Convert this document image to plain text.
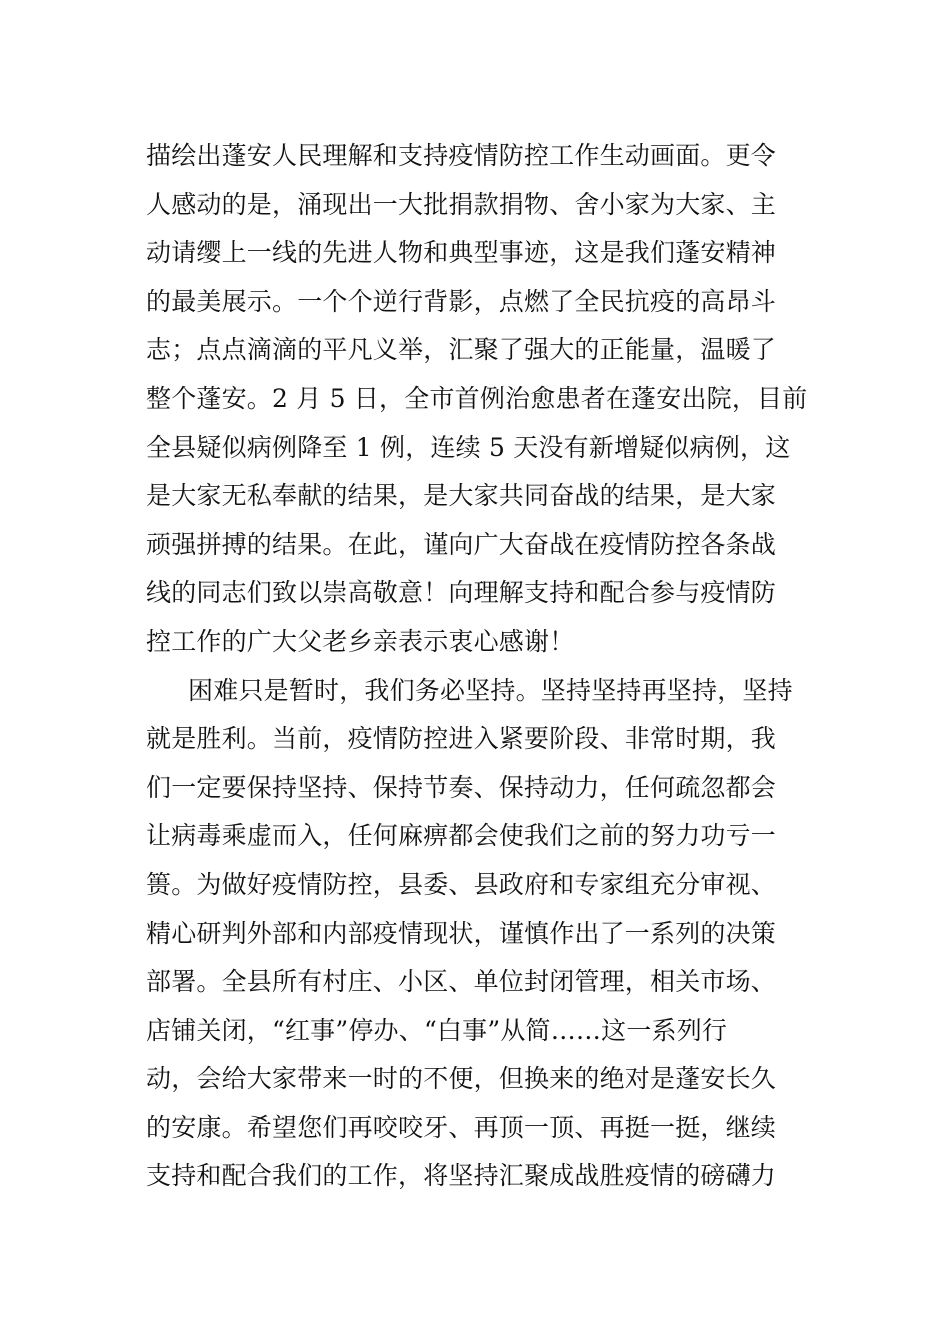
描绘出蓬安人民理解和支持疫情防控工作生动画面。更令
人感动的是，涌现出一大批捐款捐物、舍小家为大家、主
动请缨上一线的先进人物和典型事迹，这是我们蓬安精神
的最美展示。一个个逆行背影，点燃了全民抗疫的高昂斗
志；点点滴滴的平凡义举，汇聚了强大的正能量，温暖了
整个蓬安。2 月 5 日，全市首例治愈患者在蓬安出院，目前
全县疑似病例降至 1 例，连续 5 天没有新增疑似病例，这
是大家无私奉献的结果，是大家共同奋战的结果，是大家
顽强拼搏的结果。在此，谨向广大奋战在疫情防控各条战
线的同志们致以崇高敬意！向理解支持和配合参与疫情防
控工作的广大父老乡亲表示衷心感谢！
困难只是暂时，我们务必坚持。坚持坚持再坚持，坚持
就是胜利。当前，疫情防控进入紧要阶段、非常时期，我
们一定要保持坚持、保持节奏、保持动力，任何疏忽都会
让病毒乘虚而入，任何麻痹都会使我们之前的努力功亏一
篑。为做好疫情防控，县委、县政府和专家组充分审视、
精心研判外部和内部疫情现状，谨慎作出了一系列的决策
部署。全县所有村庄、小区、单位封闭管理，相关市场、
店铺关闭，“红事”停办、“白事”从简……这一系列行
动，会给大家带来一时的不便，但换来的绝对是蓬安长久
的安康。希望您们再咬咬牙、再顶一顶、再挺一挺，继续
支持和配合我们的工作，将坚持汇聚成战胜疫情的磅礴力
